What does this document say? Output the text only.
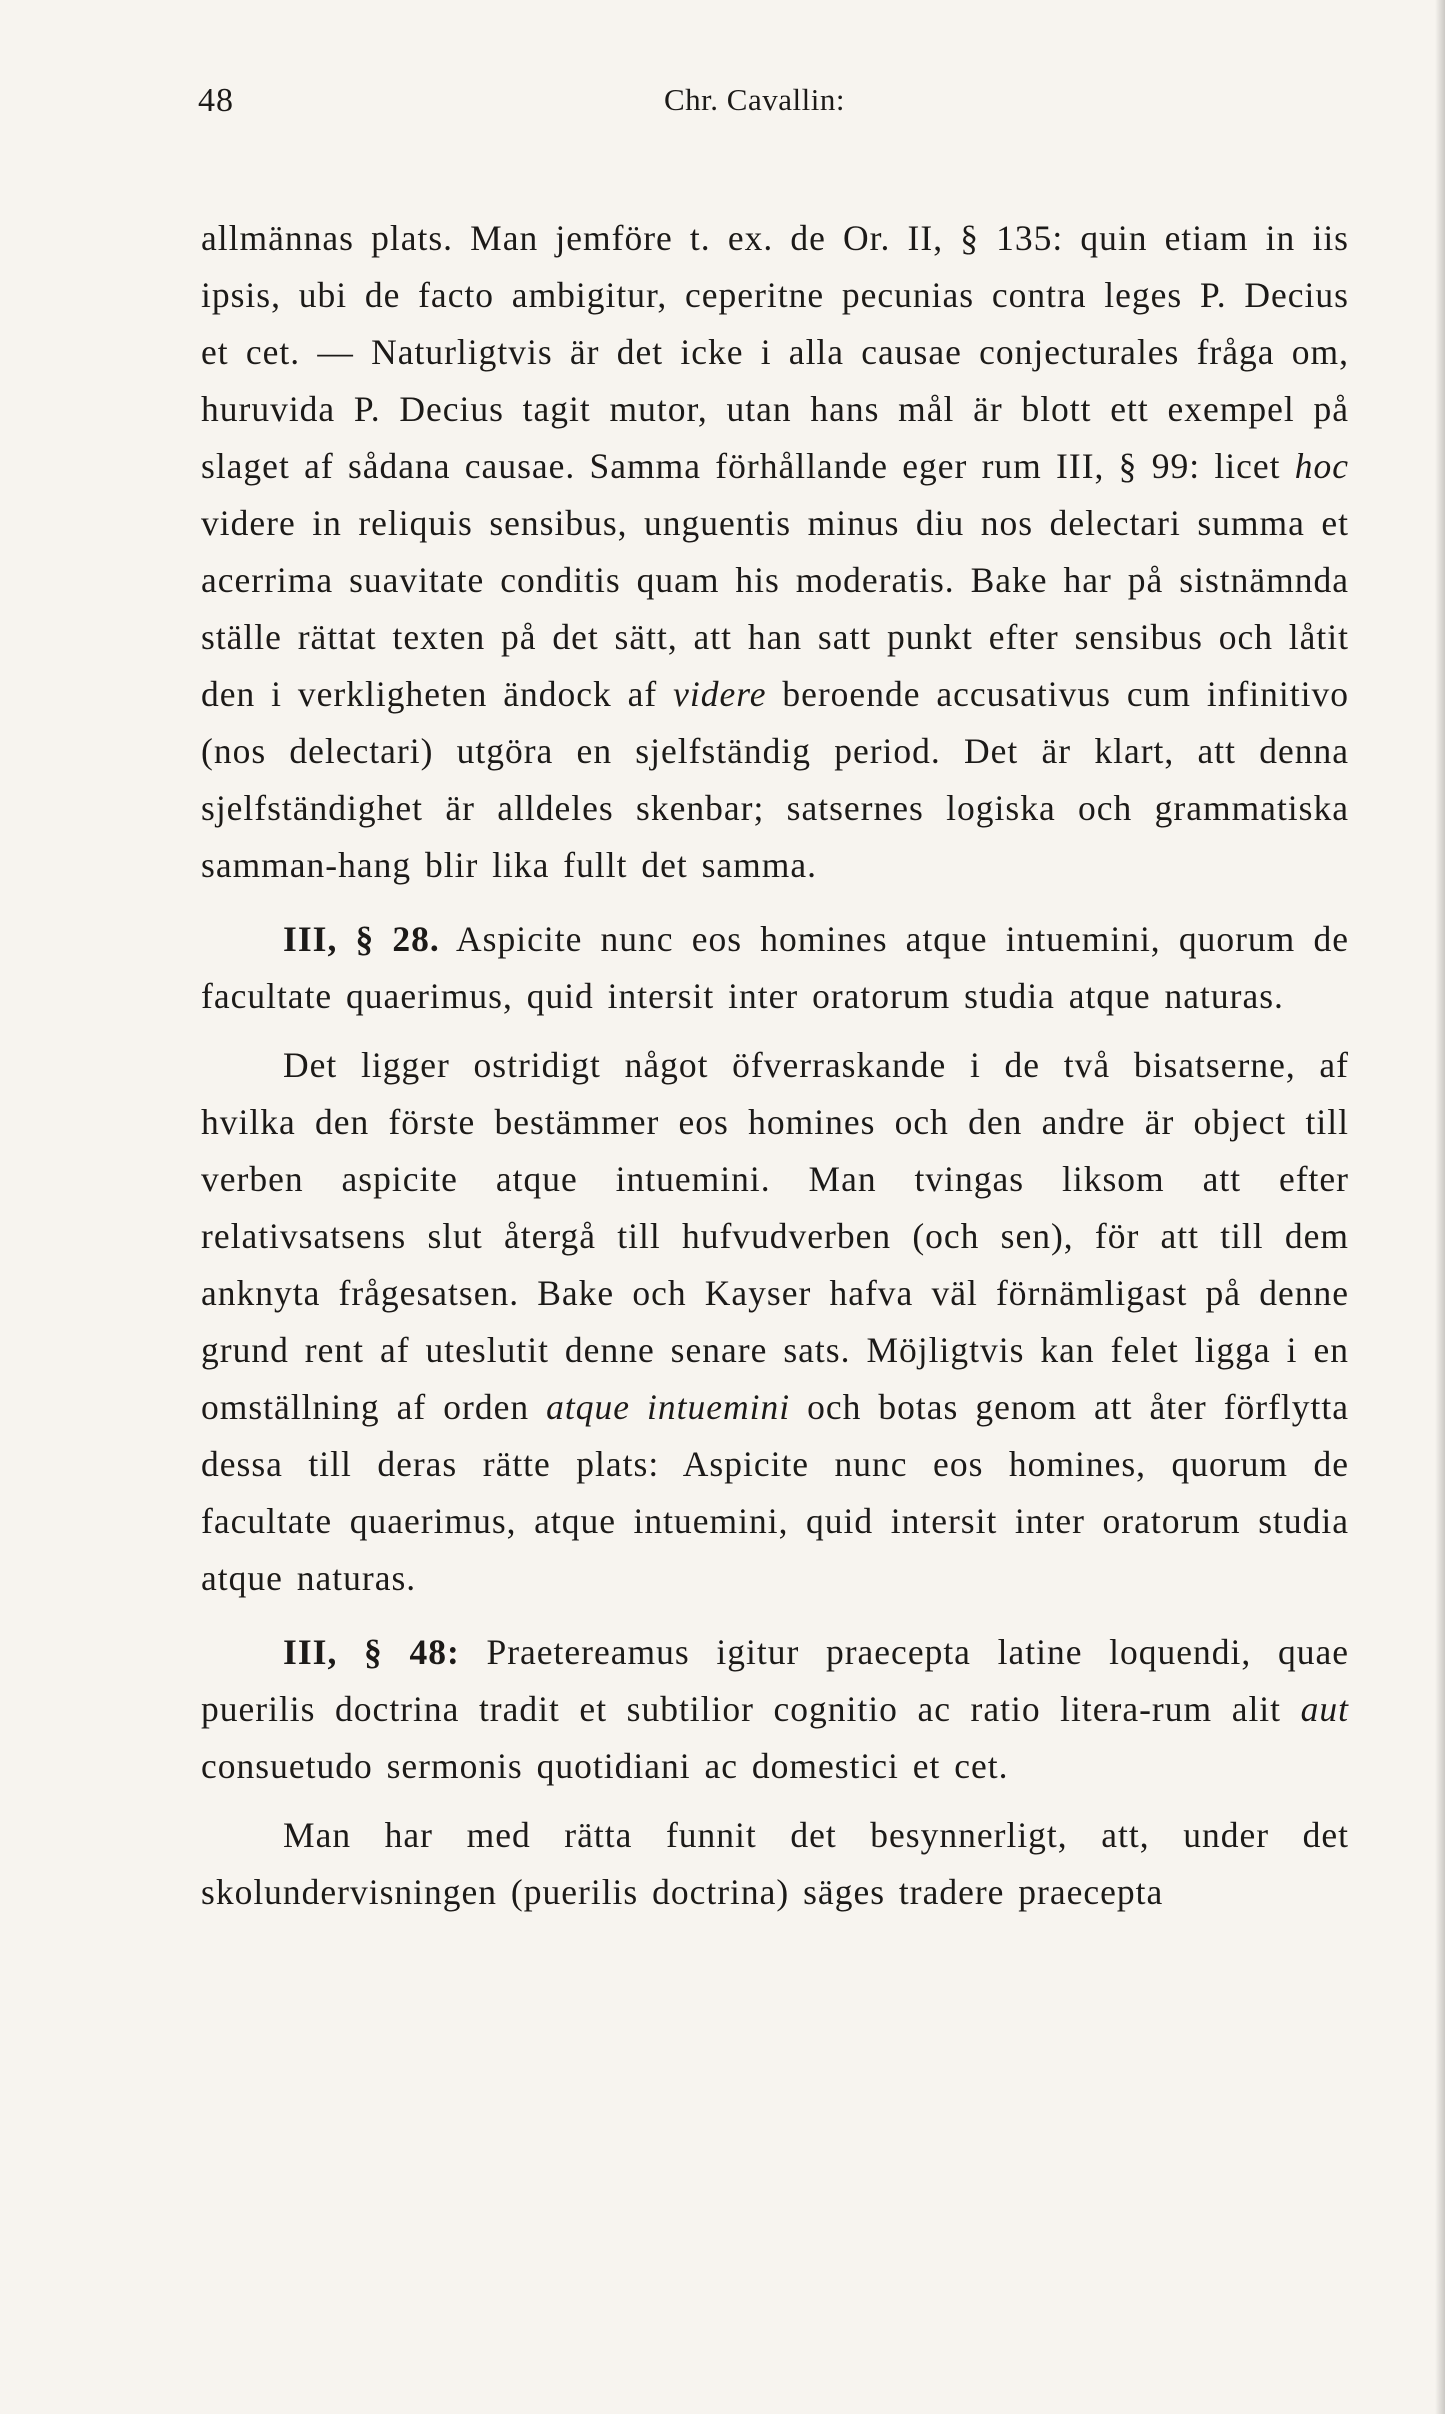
48	Chr. Cavallin:

allmännas plats. Man jemföre t. ex. de Or. II, § 135: quin etiam in iis ipsis, ubi de facto ambigitur, ceperitne pecunias contra leges P. Decius et cet. — Naturligtvis är det icke i alla causae conjecturales fråga om, huruvida P. Decius tagit mutor, utan hans mål är blott ett exempel på slaget af sådana causae. Samma förhållande eger rum III, § 99: licet hoc videre in reliquis sensibus, unguentis minus diu nos delectari summa et acerrima suavitate conditis quam his moderatis. Bake har på sistnämnda ställe rättat texten på det sätt, att han satt punkt efter sensibus och låtit den i verkligheten ändock af videre beroende accusativus cum infinitivo (nos delectari) utgöra en sjelfständig period. Det är klart, att denna sjelfständighet är alldeles skenbar; satsernes logiska och grammatiska samman-hang blir lika fullt det samma.

III, § 28. Aspicite nunc eos homines atque intuemini, quorum de facultate quaerimus, quid intersit inter oratorum studia atque naturas.

Det ligger ostridigt något öfverraskande i de två bisatserne, af hvilka den förste bestämmer eos homines och den andre är object till verben aspicite atque intuemini. Man tvingas liksom att efter relativsatsens slut återgå till hufvudverben (och sen), för att till dem anknyta frågesatsen. Bake och Kayser hafva väl förnämligast på denne grund rent af uteslutit denne senare sats. Möjligtvis kan felet ligga i en omställning af orden atque intuemini och botas genom att åter förflytta dessa till deras rätte plats: Aspicite nunc eos homines, quorum de facultate quaerimus, atque intuemini, quid intersit inter oratorum studia atque naturas.

III, § 48: Praetereamus igitur praecepta latine loquendi, quae puerilis doctrina tradit et subtilior cognitio ac ratio litera-rum alit aut consuetudo sermonis quotidiani ac domestici et cet.

Man har med rätta funnit det besynnerligt, att, under det skolundervisningen (puerilis doctrina) säges tradere praecepta
